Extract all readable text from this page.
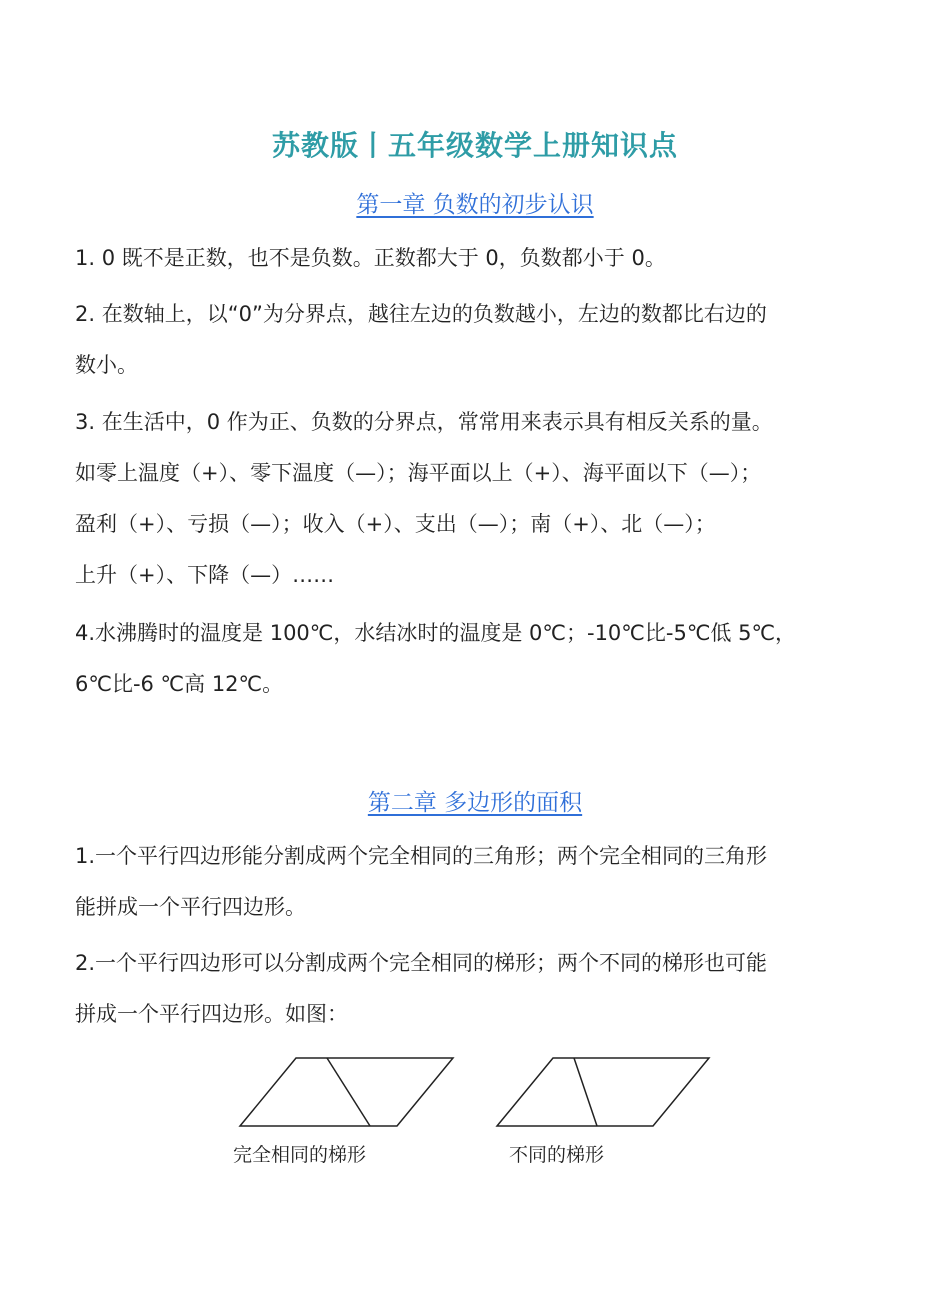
苏教版丨五年级数学上册知识点
第一章 负数的初步认识
1. 0 既不是正数，也不是负数。正数都大于 0，负数都小于 0。
2. 在数轴上，以“0”为分界点，越往左边的负数越小，左边的数都比右边的
数小。
3. 在生活中，0 作为正、负数的分界点，常常用来表示具有相反关系的量。
如零上温度（+）、零下温度（—）；海平面以上（+）、海平面以下（—）；
盈利（+）、亏损（—）；收入（+）、支出（—）；南（+）、北（—）；
上升（+）、下降（—）……
4.水沸腾时的温度是 100℃，水结冰时的温度是 0℃；-10℃比-5℃低 5℃，
6℃比-6 ℃高 12℃。
第二章 多边形的面积
1.一个平行四边形能分割成两个完全相同的三角形；两个完全相同的三角形
能拼成一个平行四边形。
2.一个平行四边形可以分割成两个完全相同的梯形；两个不同的梯形也可能
拼成一个平行四边形。如图：
完全相同的梯形	不同的梯形
